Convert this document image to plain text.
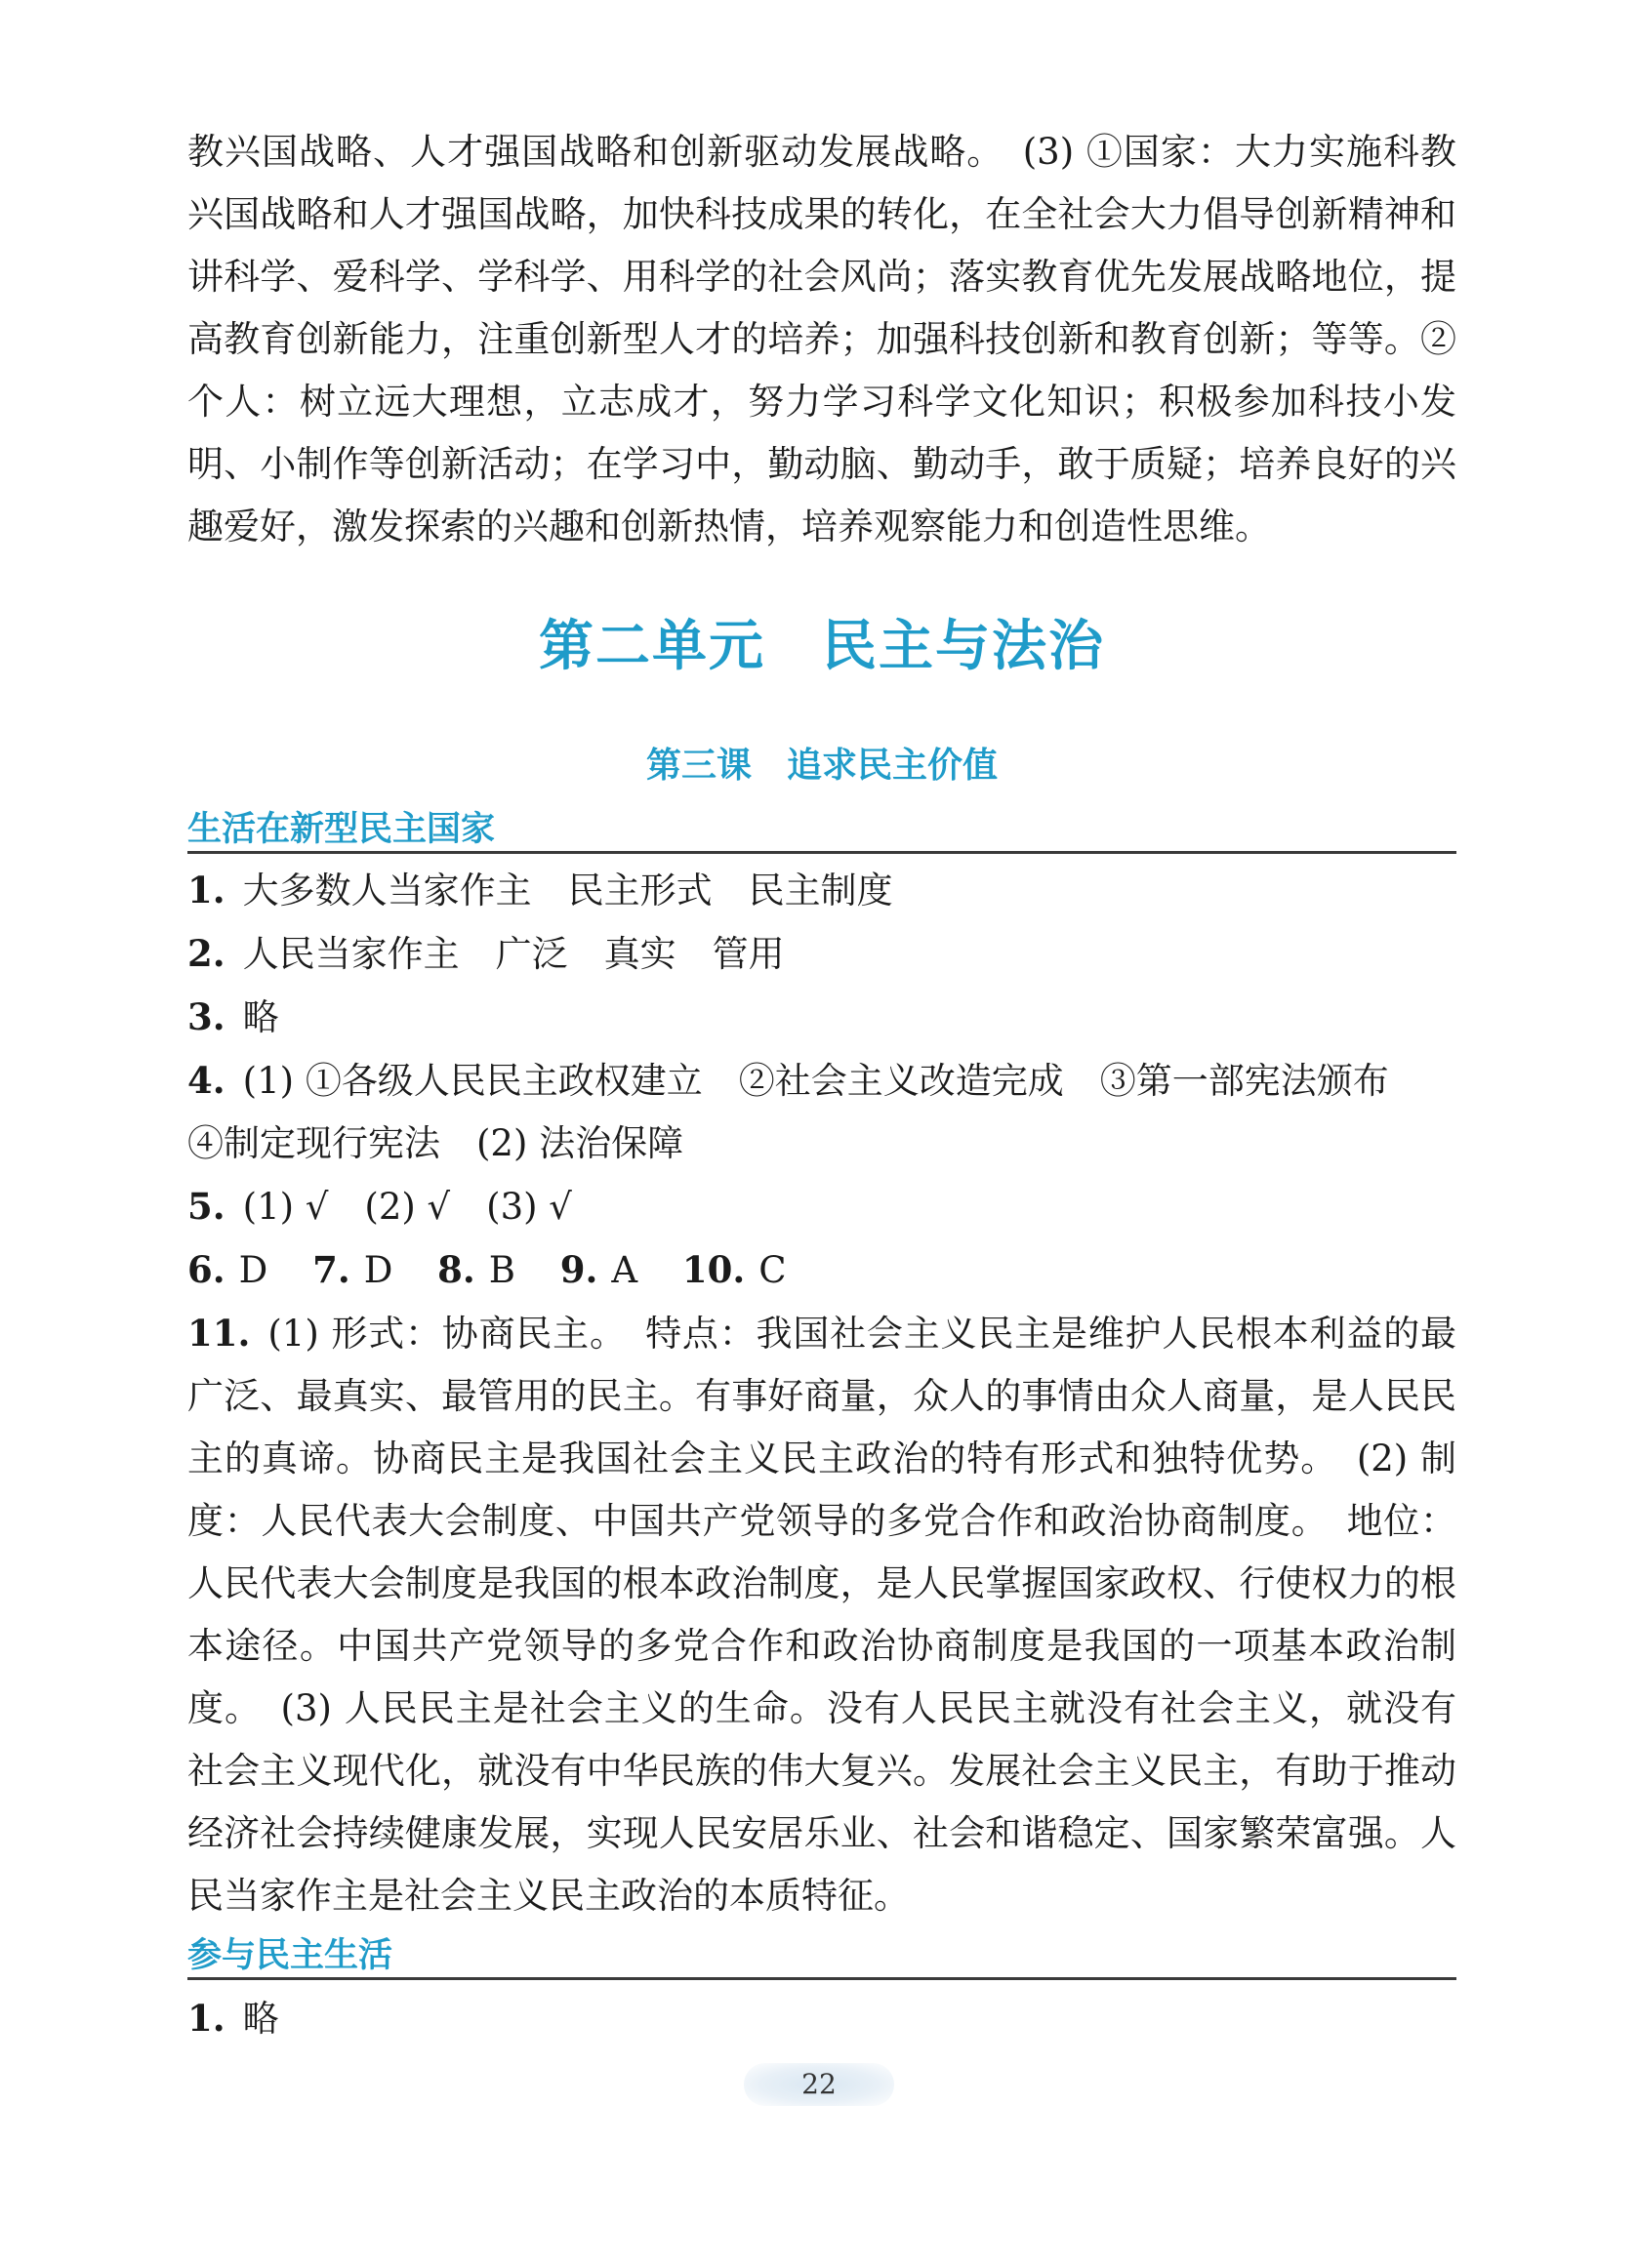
教兴国战略、人才强国战略和创新驱动发展战略。　(3) ①国家：大力实施科教兴国战略和人才强国战略，加快科技成果的转化，在全社会大力倡导创新精神和讲科学、爱科学、学科学、用科学的社会风尚；落实教育优先发展战略地位，提高教育创新能力，注重创新型人才的培养；加强科技创新和教育创新；等等。②个人：树立远大理想，立志成才，努力学习科学文化知识；积极参加科技小发明、小制作等创新活动；在学习中，勤动脑、勤动手，敢于质疑；培养良好的兴趣爱好，激发探索的兴趣和创新热情，培养观察能力和创造性思维。

第二单元　民主与法治
第三课　追求民主价值
生活在新型民主国家

1. 大多数人当家作主　民主形式　民主制度

2. 人民当家作主　广泛　真实　管用

3. 略

4. (1) ①各级人民民主政权建立　②社会主义改造完成　③第一部宪法颁布

④制定现行宪法　(2) 法治保障

5. (1) √　(2) √　(3) √

6. D 7. D 8. B 9. A 10. C

11. (1) 形式：协商民主。　特点：我国社会主义民主是维护人民根本利益的最广泛、最真实、最管用的民主。有事好商量，众人的事情由众人商量，是人民民主的真谛。协商民主是我国社会主义民主政治的特有形式和独特优势。　(2) 制度：人民代表大会制度、中国共产党领导的多党合作和政治协商制度。　地位：人民代表大会制度是我国的根本政治制度，是人民掌握国家政权、行使权力的根本途径。中国共产党领导的多党合作和政治协商制度是我国的一项基本政治制度。　(3) 人民民主是社会主义的生命。没有人民民主就没有社会主义，就没有社会主义现代化，就没有中华民族的伟大复兴。发展社会主义民主，有助于推动经济社会持续健康发展，实现人民安居乐业、社会和谐稳定、国家繁荣富强。人民当家作主是社会主义民主政治的本质特征。

参与民主生活

1. 略

22
